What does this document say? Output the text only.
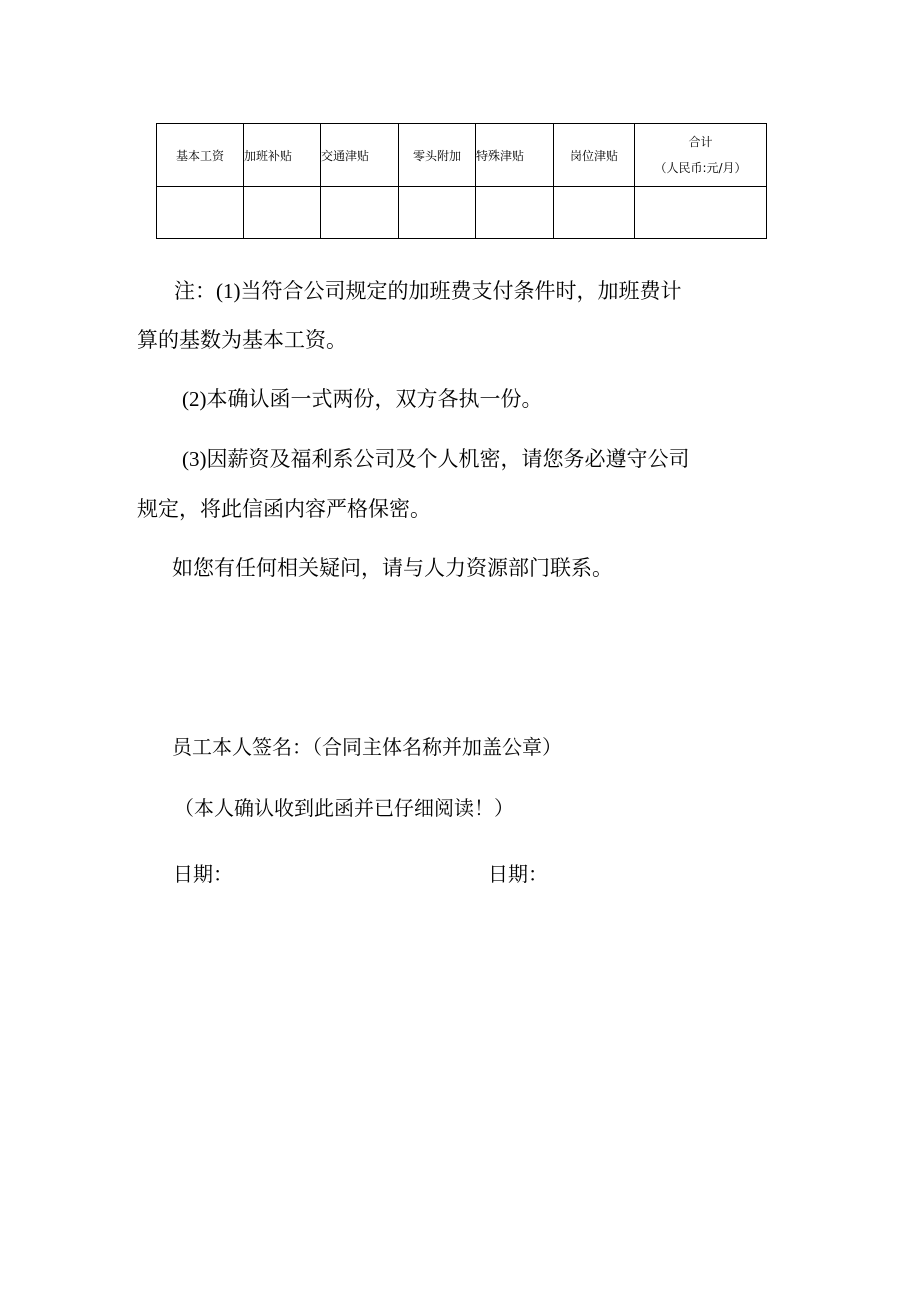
基本工资	加班补贴	交通津贴	零头附加	特殊津贴	岗位津贴	合计
（人民币:元/月）

注：(1)当符合公司规定的加班费支付条件时，加班费计
算的基数为基本工资。
(2)本确认函一式两份，双方各执一份。
(3)因薪资及福利系公司及个人机密，请您务必遵守公司
规定，将此信函内容严格保密。
如您有任何相关疑问，请与人力资源部门联系。
员工本人签名：（合同主体名称并加盖公章）
（本人确认收到此函并已仔细阅读！）
日期：	日期：
